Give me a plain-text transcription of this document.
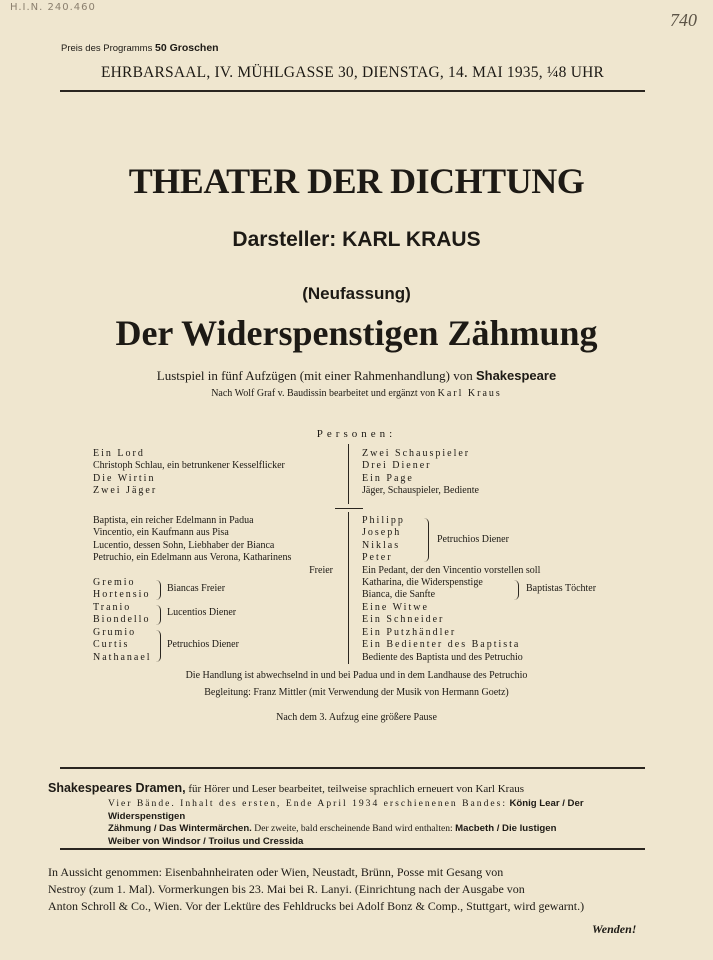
H.I.N. 240.460
740
Preis des Programms 50 Groschen
EHRBARSAAL, IV. MÜHLGASSE 30, DIENSTAG, 14. MAI 1935, ¼8 UHR
THEATER DER DICHTUNG
Darsteller: KARL KRAUS
(Neufassung)
Der Widerspenstigen Zähmung
Lustspiel in fünf Aufzügen (mit einer Rahmenhandlung) von Shakespeare
Nach Wolf Graf v. Baudissin bearbeitet und ergänzt von Karl Kraus
Personen:
Ein Lord
Christoph Schlau, ein betrunkener Kesselflicker
Die Wirtin
Zwei Jäger
Zwei Schauspieler
Drei Diener
Ein Page
Jäger, Schauspieler, Bediente
Baptista, ein reicher Edelmann in Padua
Vincentio, ein Kaufmann aus Pisa
Lucentio, dessen Sohn, Liebhaber der Bianca
Petruchio, ein Edelmann aus Verona, Katharinens
Freier
Gremio
Hortensio
Biancas Freier
Tranio
Biondello
Lucentios Diener
Grumio
Curtis
Nathanael
Petruchios Diener
Philipp
Joseph
Niklas
Peter
Petruchios Diener
Ein Pedant, der den Vincentio vorstellen soll
Katharina, die Widerspenstige
Bianca, die Sanfte
Baptistas Töchter
Eine Witwe
Ein Schneider
Ein Putzhändler
Ein Bedienter des Baptista
Bediente des Baptista und des Petruchio
Die Handlung ist abwechselnd in und bei Padua und in dem Landhause des Petruchio
Begleitung: Franz Mittler (mit Verwendung der Musik von Hermann Goetz)
Nach dem 3. Aufzug eine größere Pause
Shakespeares Dramen, für Hörer und Leser bearbeitet, teilweise sprachlich erneuert von Karl Kraus
Vier Bände. Inhalt des ersten, Ende April 1934 erschienenen Bandes: König Lear / Der Widerspenstigen
Zähmung / Das Wintermärchen. Der zweite, bald erscheinende Band wird enthalten: Macbeth / Die lustigen
Weiber von Windsor / Troilus und Cressida
In Aussicht genommen: Eisenbahnheiraten oder Wien, Neustadt, Brünn, Posse mit Gesang von
Nestroy (zum 1. Mal). Vormerkungen bis 23. Mai bei R. Lanyi. (Einrichtung nach der Ausgabe von
Anton Schroll & Co., Wien. Vor der Lektüre des Fehldrucks bei Adolf Bonz & Comp., Stuttgart, wird gewarnt.)
Wenden!
